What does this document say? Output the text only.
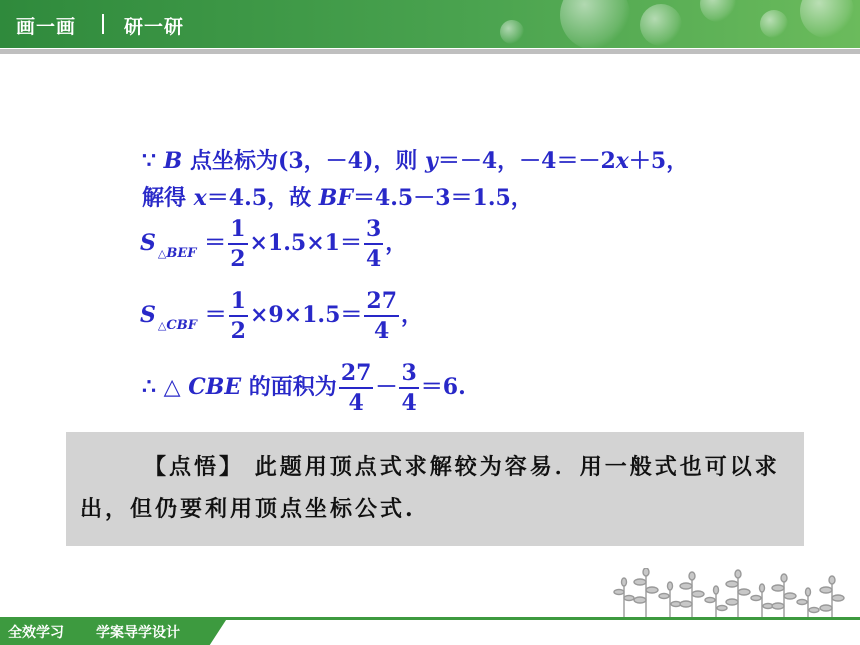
画一画	研一研
∵ B 点坐标为(3，－4)，则 y＝－4，－4＝－2x＋5，
解得 x＝4.5，故 BF＝4.5－3＝1.5，
S $_{\triangle BEF} = \frac{1}{2} \times 1.5\times 1= \frac{3}{4}$ ，
S $_{\triangle CBF} = \frac{1}{2} \times 9\times 1.5= \frac{27}{4}$ ，
∴ △ CBE 的面积为 $\frac{27}{4} - \frac{3}{4} =6$.
【点悟】 此题用顶点式求解较为容易．用一般式也可以求出，但仍要利用顶点坐标公式.
全效学习 学案导学设计
